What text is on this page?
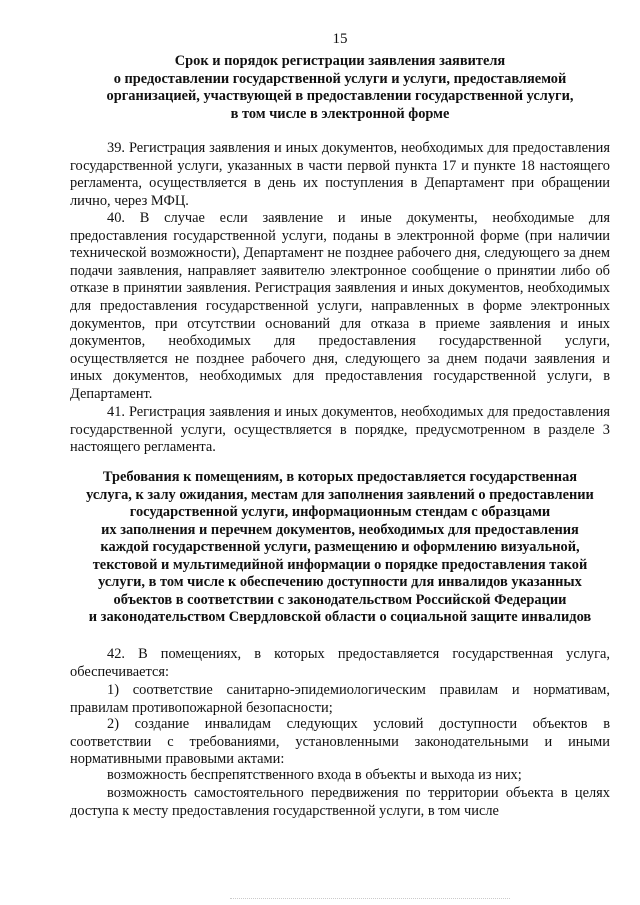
15
Срок и порядок регистрации заявления заявителя
о предоставлении государственной услуги и услуги, предоставляемой
организацией, участвующей в предоставлении государственной услуги,
в том числе в электронной форме

39. Регистрация заявления и иных документов, необходимых для предоставления государственной услуги, указанных в части первой пункта 17 и пункте 18 настоящего регламента, осуществляется в день их поступления в Департамент при обращении лично, через МФЦ.

40. В случае если заявление и иные документы, необходимые для предоставления государственной услуги, поданы в электронной форме (при наличии технической возможности), Департамент не позднее рабочего дня, следующего за днем подачи заявления, направляет заявителю электронное сообщение о принятии либо об отказе в принятии заявления. Регистрация заявления и иных документов, необходимых для предоставления государственной услуги, направленных в форме электронных документов, при отсутствии оснований для отказа в приеме заявления и иных документов, необходимых для предоставления государственной услуги, осуществляется не позднее рабочего дня, следующего за днем подачи заявления и иных документов, необходимых для предоставления государственной услуги, в Департамент.

41. Регистрация заявления и иных документов, необходимых для предоставления государственной услуги, осуществляется в порядке, предусмотренном в разделе 3 настоящего регламента.

Требования к помещениям, в которых предоставляется государственная
услуга, к залу ожидания, местам для заполнения заявлений о предоставлении
государственной услуги, информационным стендам с образцами
их заполнения и перечнем документов, необходимых для предоставления
каждой государственной услуги, размещению и оформлению визуальной,
текстовой и мультимедийной информации о порядке предоставления такой
услуги, в том числе к обеспечению доступности для инвалидов указанных
объектов в соответствии с законодательством Российской Федерации
и законодательством Свердловской области о социальной защите инвалидов

42. В помещениях, в которых предоставляется государственная услуга, обеспечивается:

1) соответствие санитарно-эпидемиологическим правилам и нормативам, правилам противопожарной безопасности;

2) создание инвалидам следующих условий доступности объектов в соответствии с требованиями, установленными законодательными и иными нормативными правовыми актами:

возможность беспрепятственного входа в объекты и выхода из них;

возможность самостоятельного передвижения по территории объекта в целях доступа к месту предоставления государственной услуги, в том числе
